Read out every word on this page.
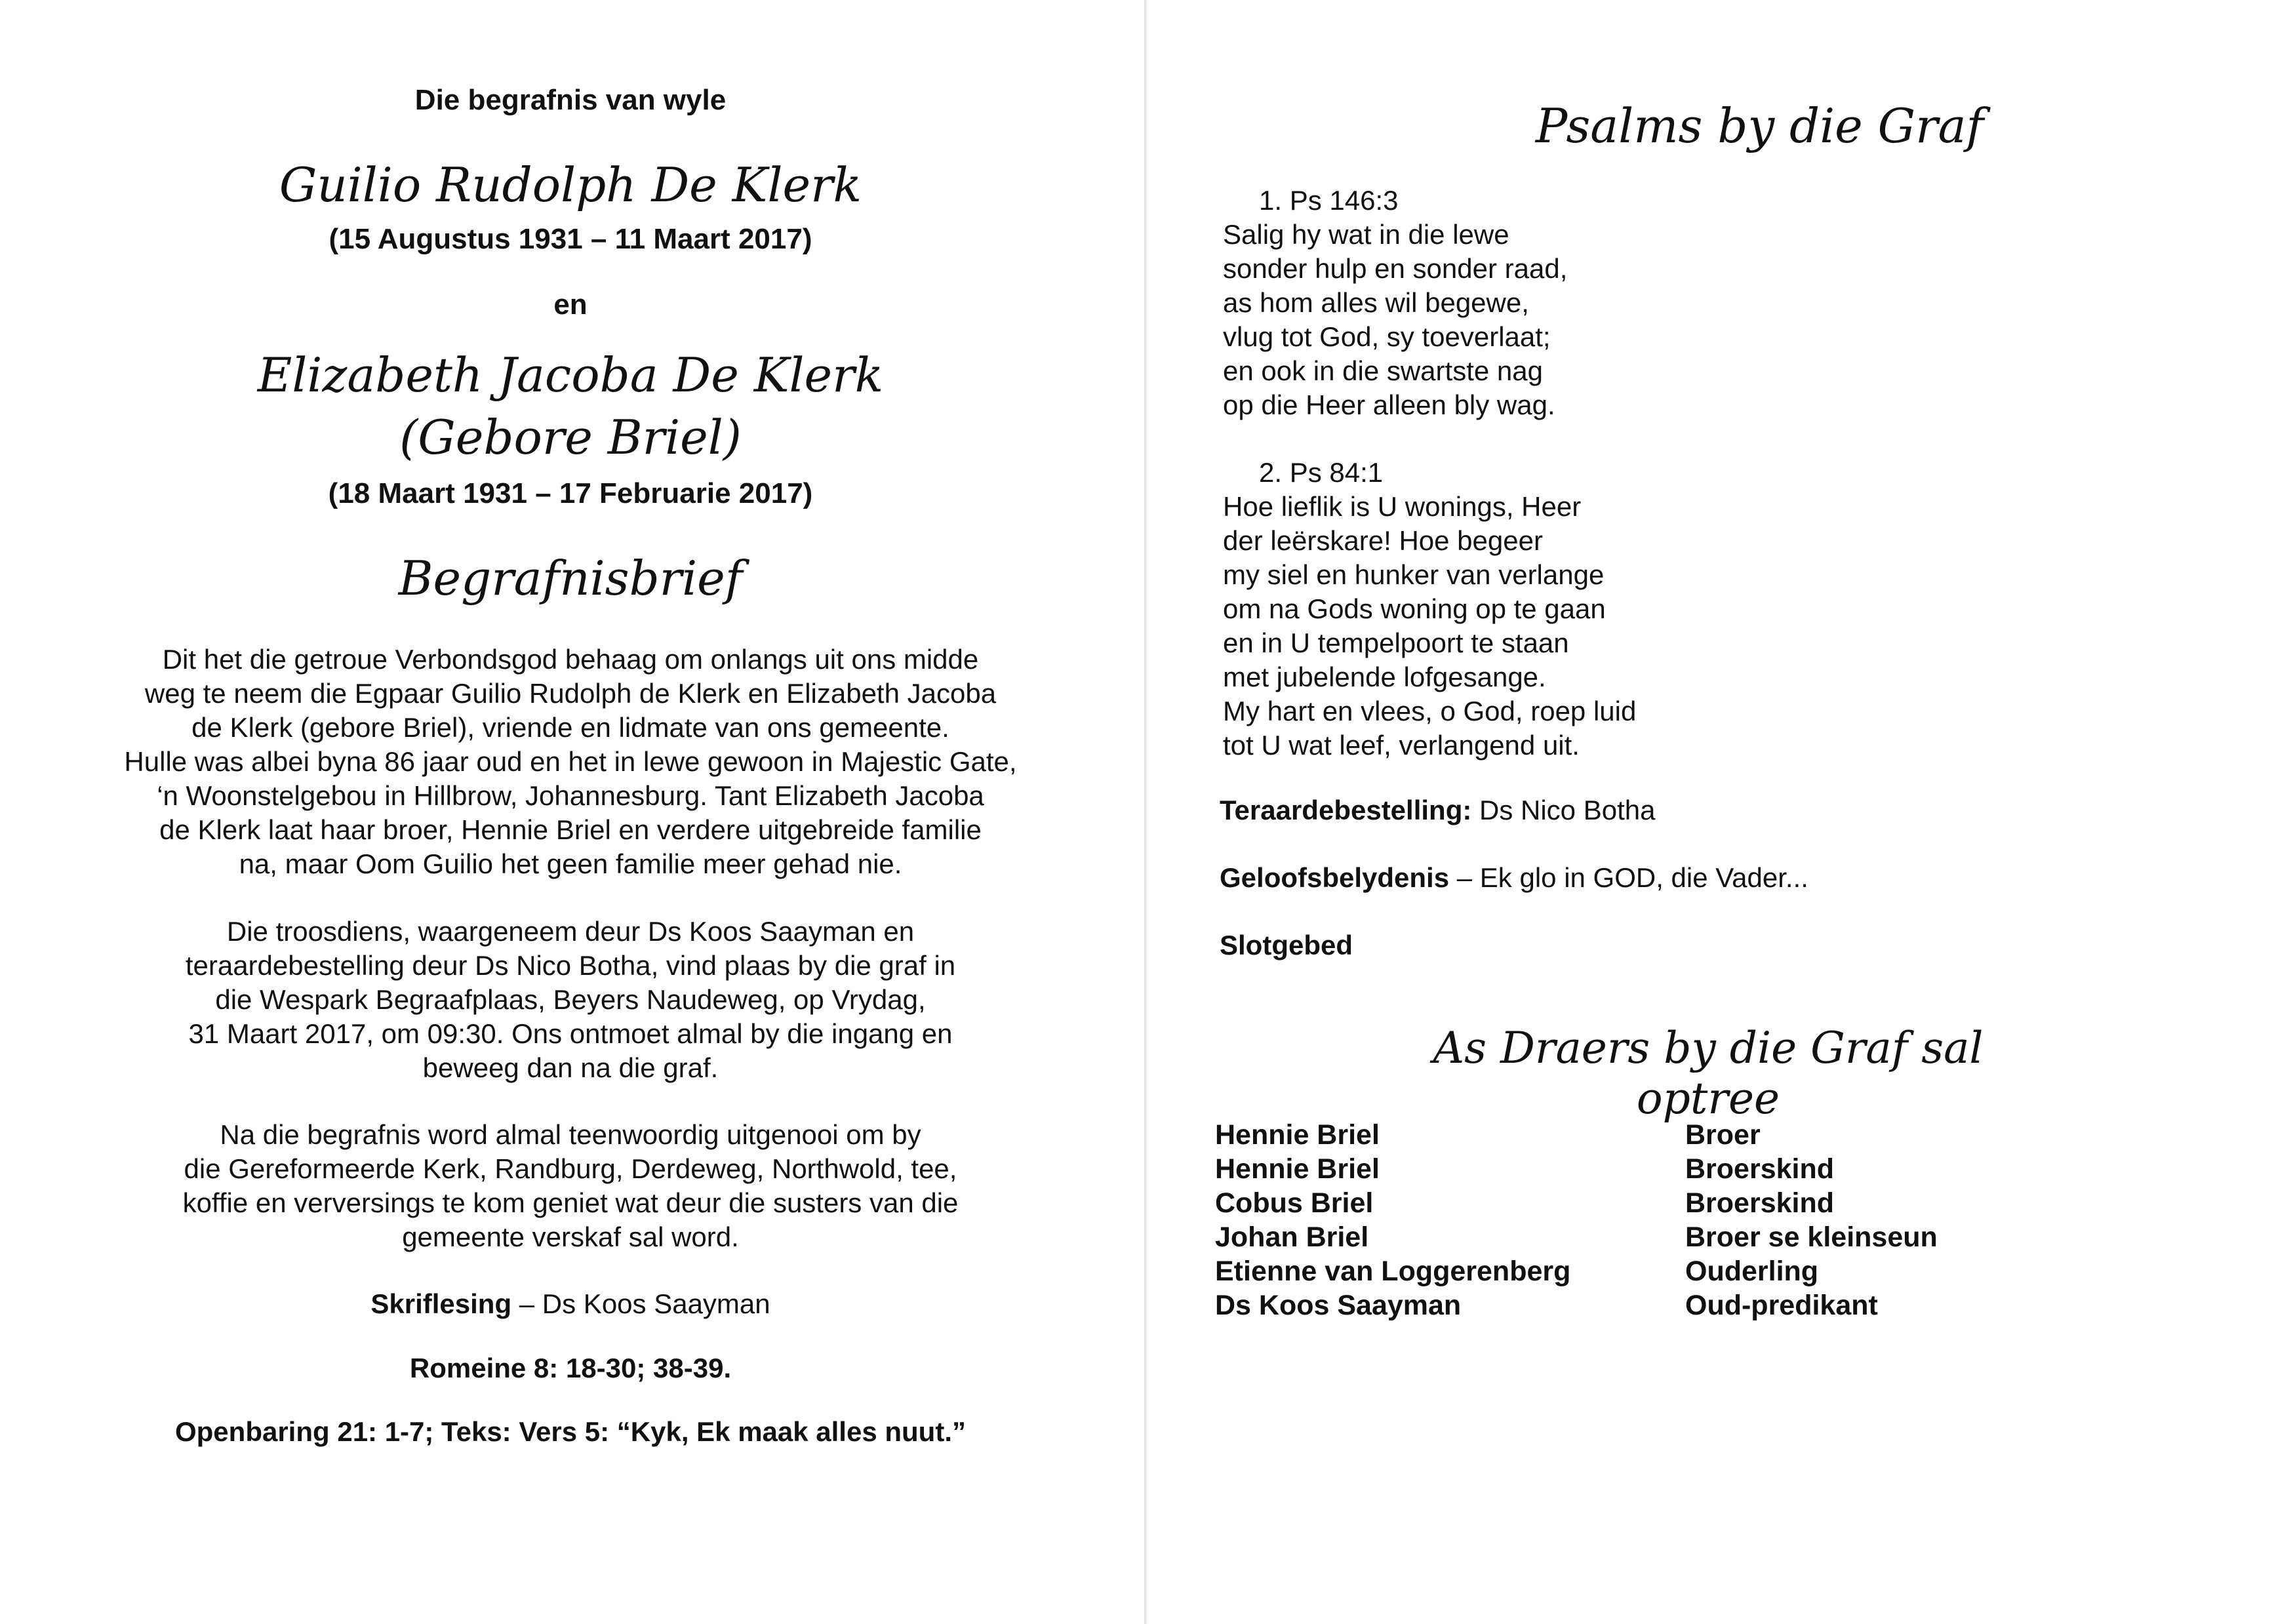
Die begrafnis van wyle
Guilio Rudolph De Klerk
(15 Augustus 1931 – 11 Maart 2017)
en
Elizabeth Jacoba De Klerk
(Gebore Briel)
(18 Maart 1931 – 17 Februarie 2017)
Begrafnisbrief
Dit het die getroue Verbondsgod behaag om onlangs uit ons midde
weg te neem die Egpaar Guilio Rudolph de Klerk en Elizabeth Jacoba
de Klerk (gebore Briel), vriende en lidmate van ons gemeente.
Hulle was albei byna 86 jaar oud en het in lewe gewoon in Majestic Gate,
‘n Woonstelgebou in Hillbrow, Johannesburg. Tant Elizabeth Jacoba
de Klerk laat haar broer, Hennie Briel en verdere uitgebreide familie
na, maar Oom Guilio het geen familie meer gehad nie.
Die troosdiens, waargeneem deur Ds Koos Saayman en
teraardebestelling deur Ds Nico Botha, vind plaas by die graf in
die Wespark Begraafplaas, Beyers Naudeweg, op Vrydag,
31 Maart 2017, om 09:30. Ons ontmoet almal by die ingang en
beweeg dan na die graf.
Na die begrafnis word almal teenwoordig uitgenooi om by
die Gereformeerde Kerk, Randburg, Derdeweg, Northwold, tee,
koffie en verversings te kom geniet wat deur die susters van die
gemeente verskaf sal word.
Skriflesing – Ds Koos Saayman
Romeine 8: 18-30; 38-39.
Openbaring 21: 1-7; Teks: Vers 5: “Kyk, Ek maak alles nuut.”
Psalms by die Graf
1. Ps 146:3
Salig hy wat in die lewe
sonder hulp en sonder raad,
as hom alles wil begewe,
vlug tot God, sy toeverlaat;
en ook in die swartste nag
op die Heer alleen bly wag.
2. Ps 84:1
Hoe lieflik is U wonings, Heer
der leërskare! Hoe begeer
my siel en hunker van verlange
om na Gods woning op te gaan
en in U tempelpoort te staan
met jubelende lofgesange.
My hart en vlees, o God, roep luid
tot U wat leef, verlangend uit.
Teraardebestelling: Ds Nico Botha
Geloofsbelydenis – Ek glo in GOD, die Vader...
Slotgebed
As Draers by die Graf sal optree
Hennie Briel
Hennie Briel
Cobus Briel
Johan Briel
Etienne van Loggerenberg
Ds Koos Saayman
Broer
Broerskind
Broerskind
Broer se kleinseun
Ouderling
Oud-predikant
